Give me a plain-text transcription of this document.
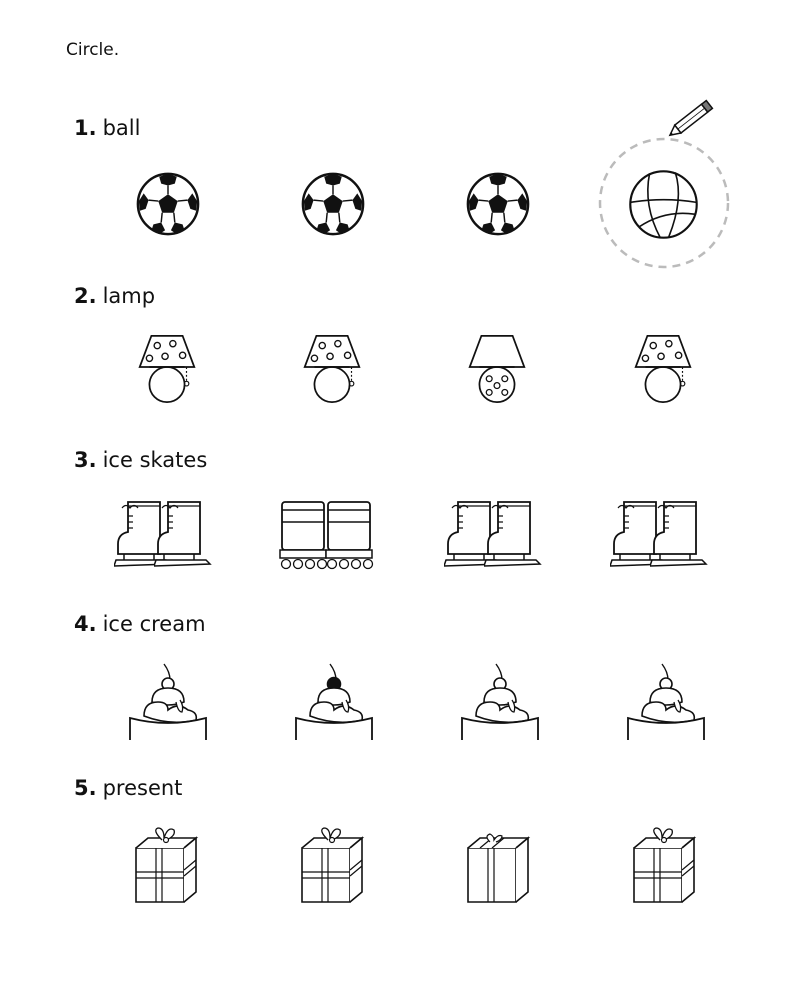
Circle.
1. ball
2. lamp
3. ice skates
4. ice cream
5. present
